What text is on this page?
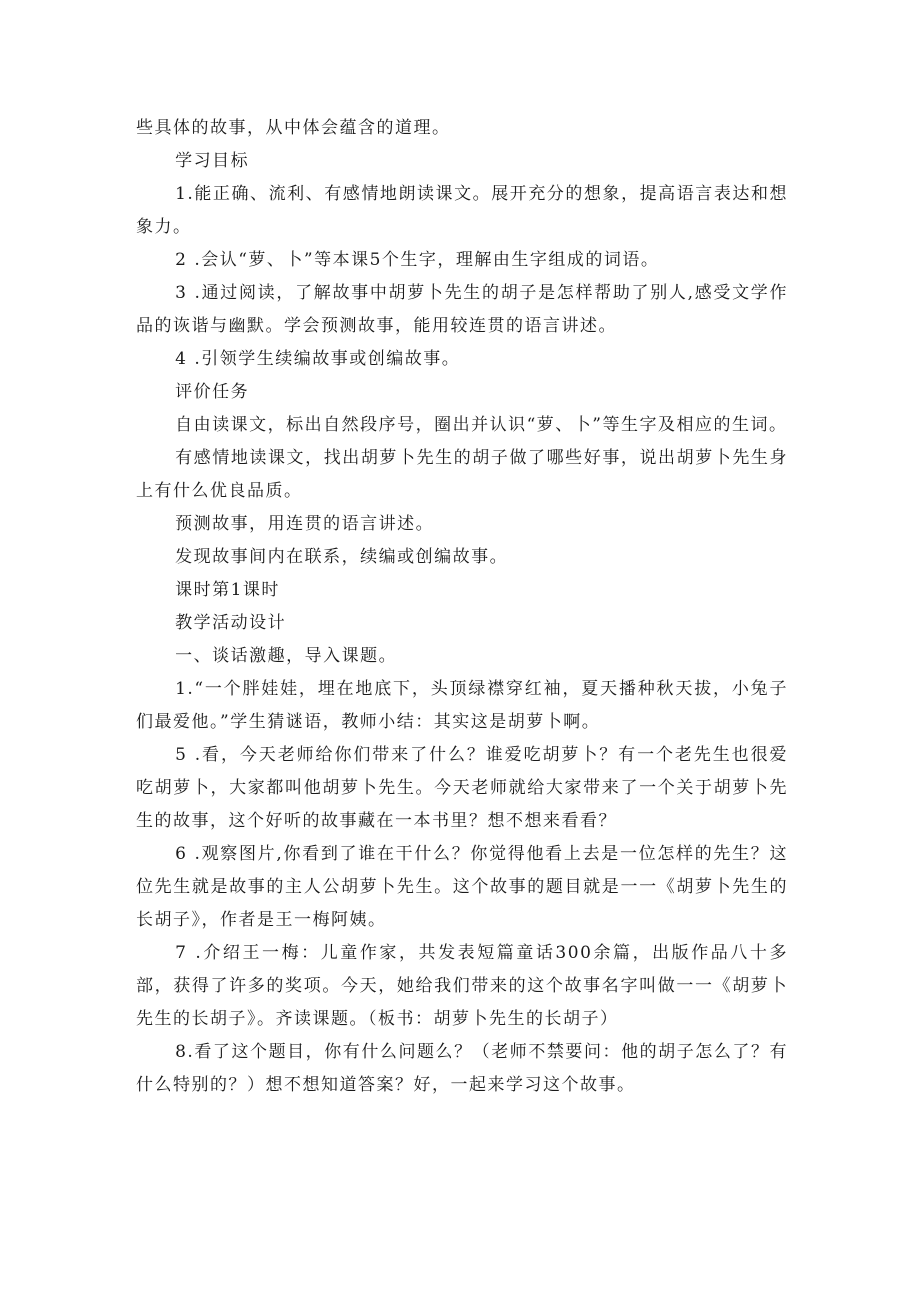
些具体的故事，从中体会蕴含的道理。

学习目标

1.能正确、流利、有感情地朗读课文。展开充分的想象，提高语言表达和想象力。

2 .会认“萝、卜”等本课5个生字，理解由生字组成的词语。

3 .通过阅读，了解故事中胡萝卜先生的胡子是怎样帮助了别人,感受文学作品的诙谐与幽默。学会预测故事，能用较连贯的语言讲述。

4 .引领学生续编故事或创编故事。

评价任务

自由读课文，标出自然段序号，圈出并认识“萝、卜”等生字及相应的生词。

有感情地读课文，找出胡萝卜先生的胡子做了哪些好事，说出胡萝卜先生身上有什么优良品质。

预测故事，用连贯的语言讲述。

发现故事间内在联系，续编或创编故事。

课时第1课时

教学活动设计

一、谈话激趣，导入课题。

1.“一个胖娃娃，埋在地底下，头顶绿襟穿红袖，夏天播种秋天拔，小兔子们最爱他。”学生猜谜语，教师小结：其实这是胡萝卜啊。

5 .看，今天老师给你们带来了什么？谁爱吃胡萝卜？有一个老先生也很爱吃胡萝卜，大家都叫他胡萝卜先生。今天老师就给大家带来了一个关于胡萝卜先生的故事，这个好听的故事藏在一本书里？想不想来看看？

6 .观察图片,你看到了谁在干什么？你觉得他看上去是一位怎样的先生？这位先生就是故事的主人公胡萝卜先生。这个故事的题目就是一一《胡萝卜先生的长胡子》，作者是王一梅阿姨。

7 .介绍王一梅：儿童作家，共发表短篇童话300余篇，出版作品八十多部，获得了许多的奖项。今天，她给我们带来的这个故事名字叫做一一《胡萝卜先生的长胡子》。齐读课题。（板书：胡萝卜先生的长胡子）

8.看了这个题目，你有什么问题么？（老师不禁要问：他的胡子怎么了？有什么特别的？）想不想知道答案？好，一起来学习这个故事。
